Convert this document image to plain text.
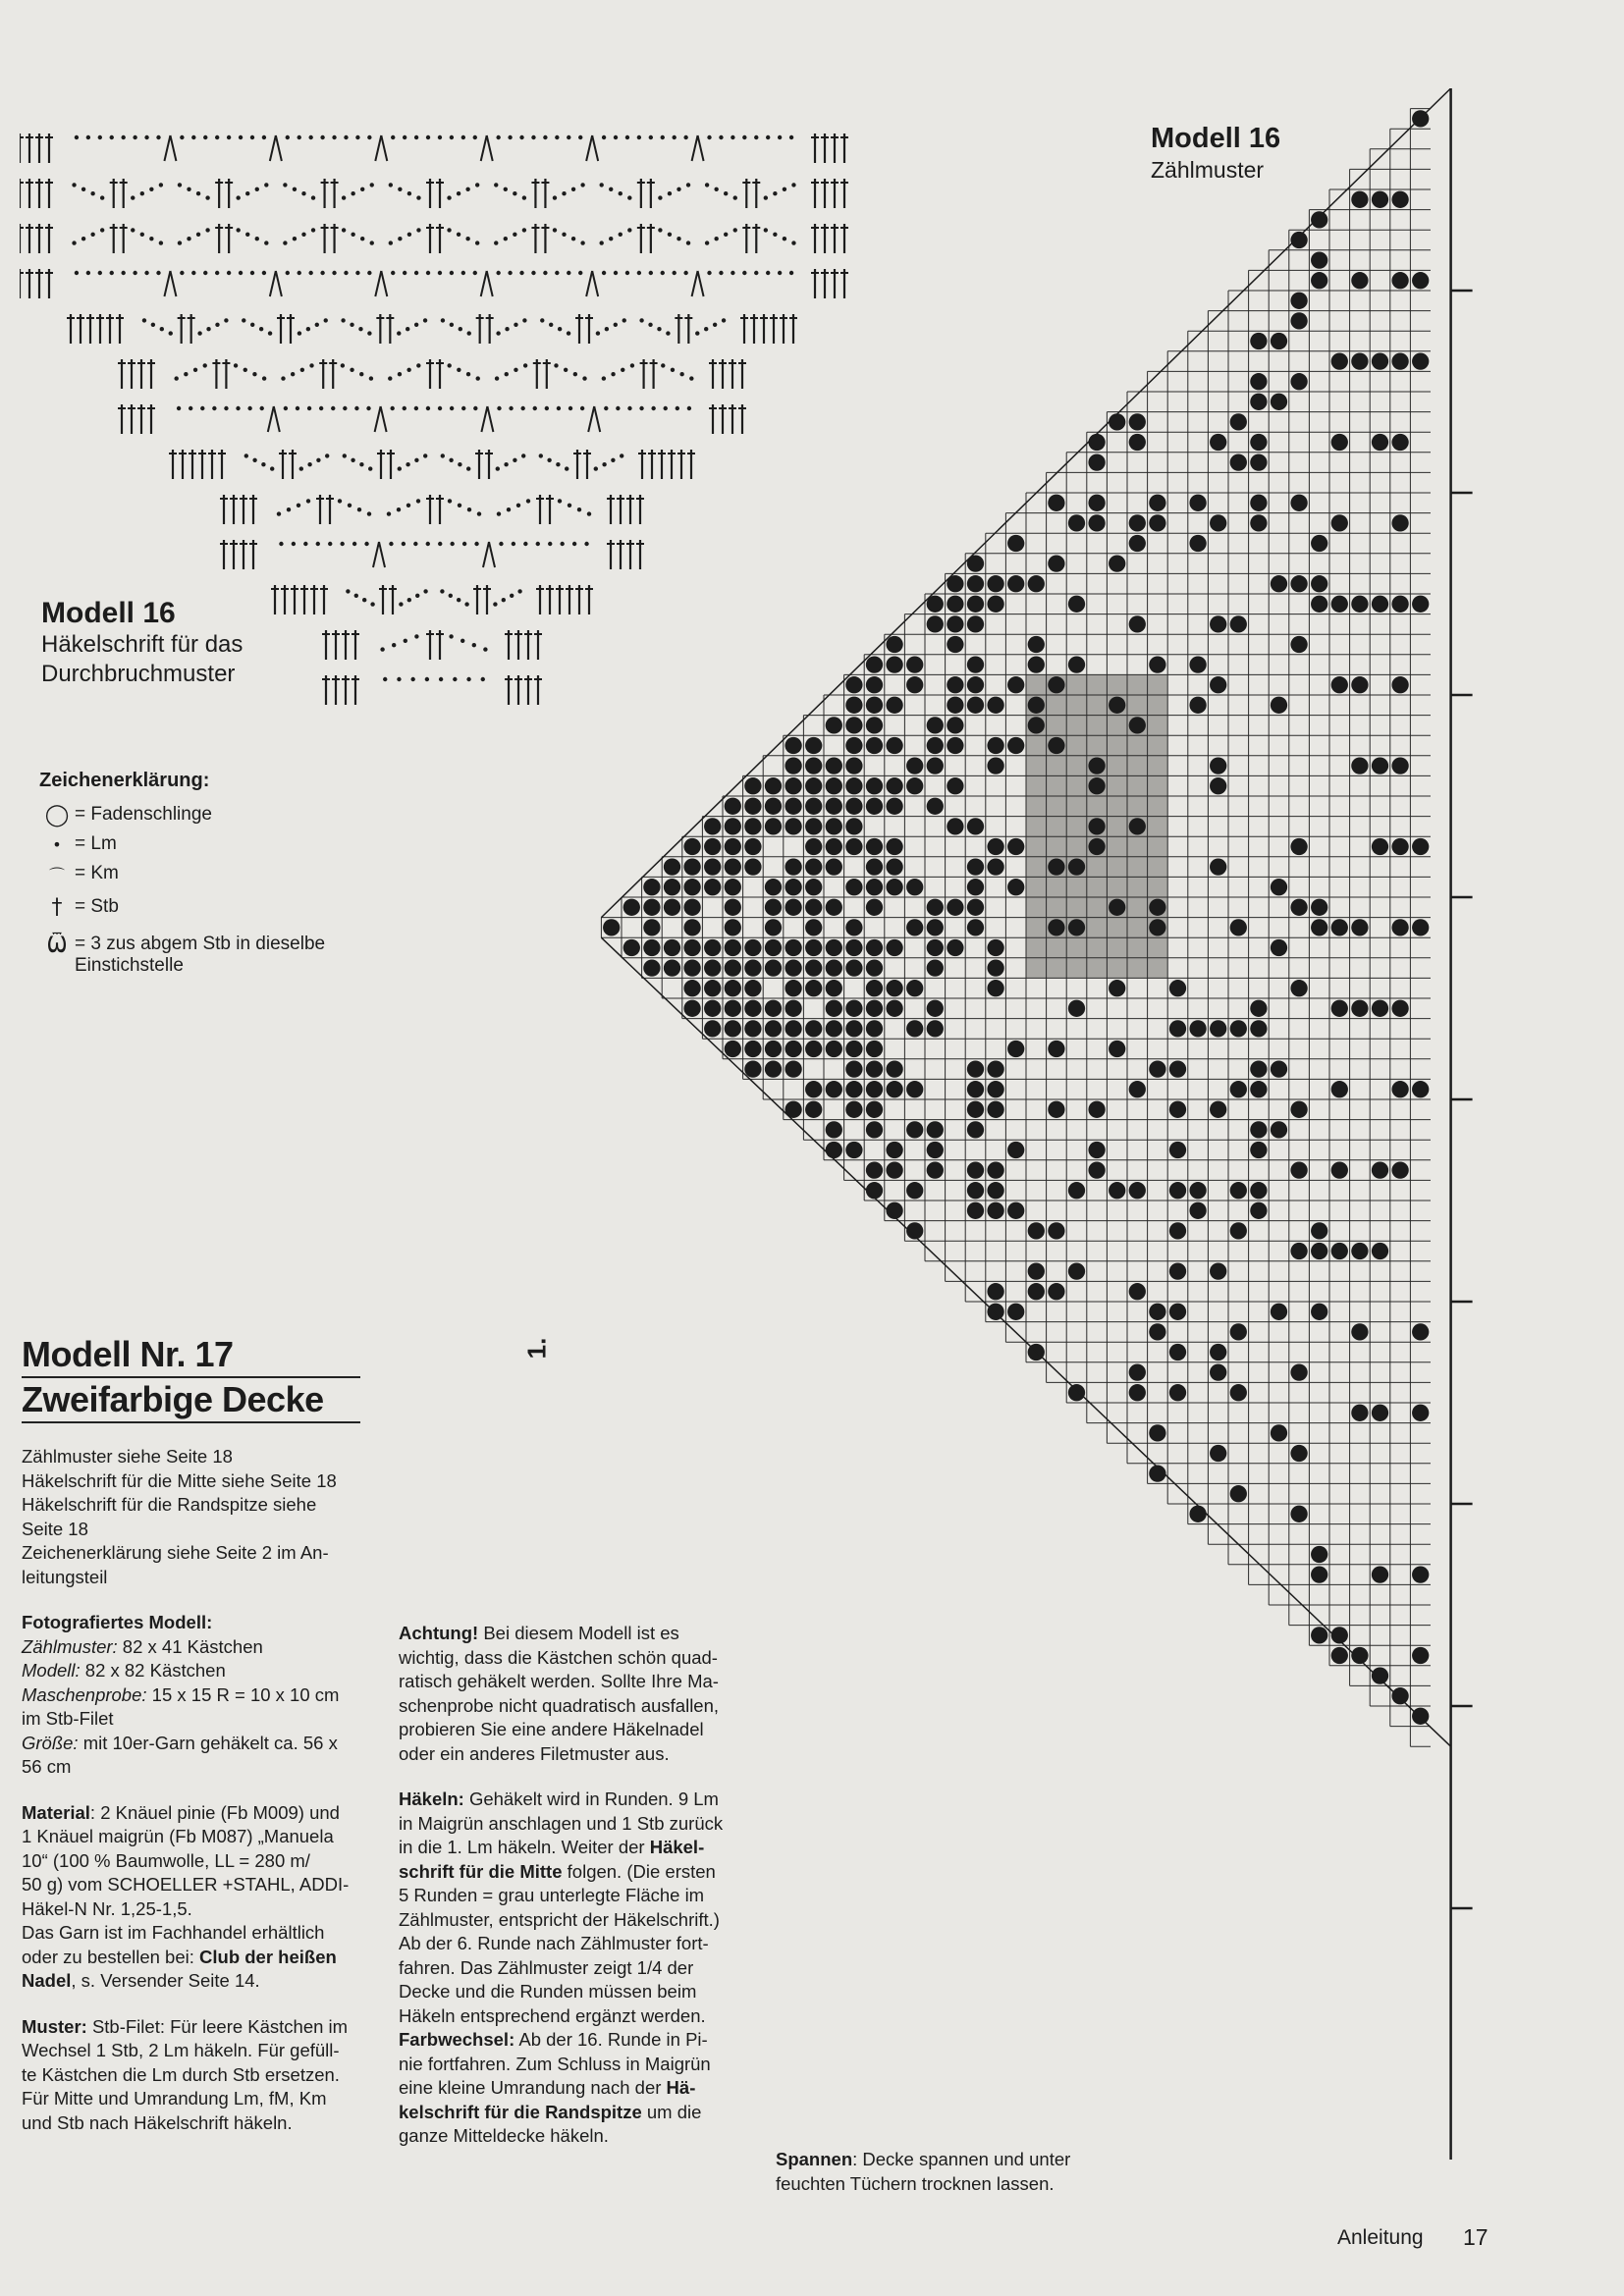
Modell 16
Häkelschrift für das
Durchbruchmuster
Zeichenerklärung:
◯ = Fadenschlinge
• = Lm
⌒ = Km
† = Stb
Ѿ = 3 zus abgem Stb in dieselbe
Einstichstelle
Modell 16
Zählmuster
1.
Modell Nr. 17
Zweifarbige Decke
Zählmuster siehe Seite 18
Häkelschrift für die Mitte siehe Seite 18
Häkelschrift für die Randspitze siehe
Seite 18
Zeichenerklärung siehe Seite 2 im An-
leitungsteil
Fotografiertes Modell:
Zählmuster: 82 x 41 Kästchen
Modell: 82 x 82 Kästchen
Maschenprobe: 15 x 15 R = 10 x 10 cm
im Stb-Filet
Größe: mit 10er-Garn gehäkelt ca. 56 x
56 cm
Material: 2 Knäuel pinie (Fb M009) und
1 Knäuel maigrün (Fb M087) „Manuela
10“ (100 % Baumwolle, LL = 280 m/
50 g) vom SCHOELLER +STAHL, ADDI-
Häkel-N Nr. 1,25-1,5.
Das Garn ist im Fachhandel erhältlich
oder zu bestellen bei: Club der heißen
Nadel, s. Versender Seite 14.
Muster: Stb-Filet: Für leere Kästchen im
Wechsel 1 Stb, 2 Lm häkeln. Für gefüll-
te Kästchen die Lm durch Stb ersetzen.
Für Mitte und Umrandung Lm, fM, Km
und Stb nach Häkelschrift häkeln.
Achtung! Bei diesem Modell ist es
wichtig, dass die Kästchen schön quad-
ratisch gehäkelt werden. Sollte Ihre Ma-
schenprobe nicht quadratisch ausfallen,
probieren Sie eine andere Häkelnadel
oder ein anderes Filetmuster aus.
Häkeln: Gehäkelt wird in Runden. 9 Lm
in Maigrün anschlagen und 1 Stb zurück
in die 1. Lm häkeln. Weiter der Häkel-
schrift für die Mitte folgen. (Die ersten
5 Runden = grau unterlegte Fläche im
Zählmuster, entspricht der Häkelschrift.)
Ab der 6. Runde nach Zählmuster fort-
fahren. Das Zählmuster zeigt 1/4 der
Decke und die Runden müssen beim
Häkeln entsprechend ergänzt werden.
Farbwechsel: Ab der 16. Runde in Pi-
nie fortfahren. Zum Schluss in Maigrün
eine kleine Umrandung nach der Hä-
kelschrift für die Randspitze um die
ganze Mitteldecke häkeln.
Spannen: Decke spannen und unter
feuchten Tüchern trocknen lassen.
Anleitung 17
